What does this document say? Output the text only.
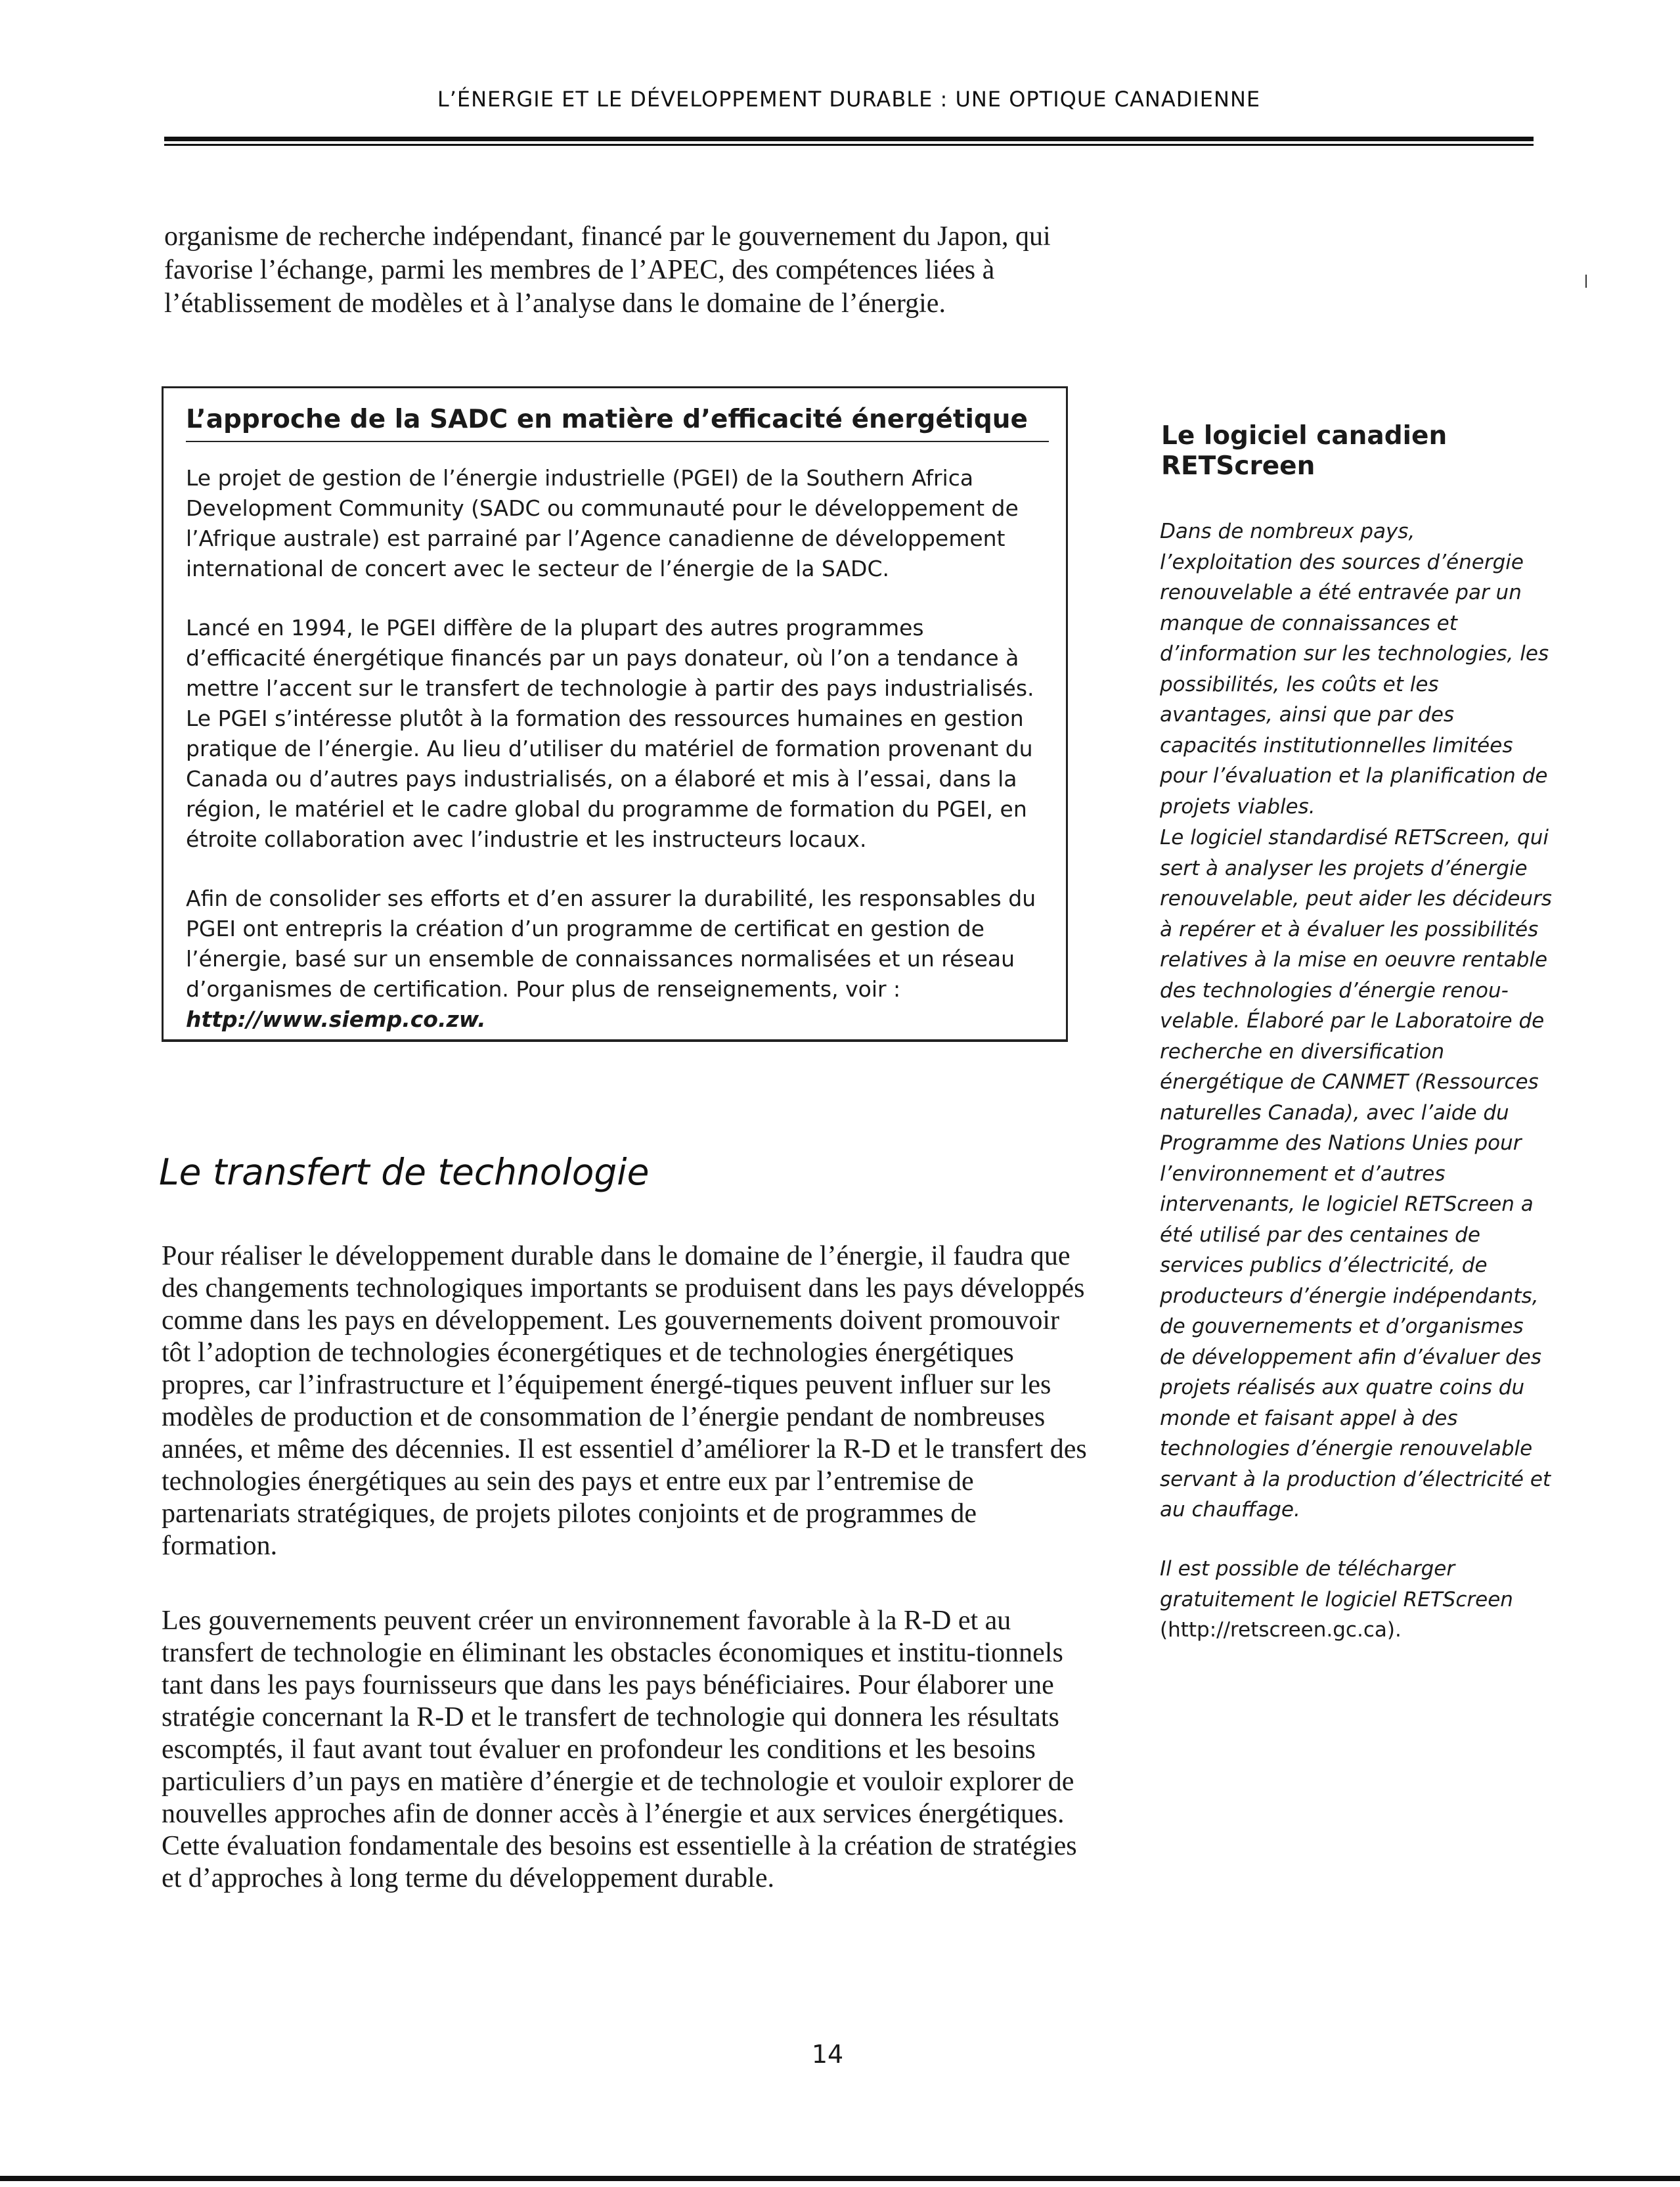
L’ÉNERGIE ET LE DÉVELOPPEMENT DURABLE : UNE OPTIQUE CANADIENNE

organisme de recherche indépendant, financé par le gouvernement du Japon, qui favorise l’échange, parmi les membres de l’APEC, des compétences liées à l’établissement de modèles et à l’analyse dans le domaine de l’énergie.

L’approche de la SADC en matière d’efficacité énergétique

Le projet de gestion de l’énergie industrielle (PGEI) de la Southern Africa Development Community (SADC ou communauté pour le développement de l’Afrique australe) est parrainé par l’Agence canadienne de développement international de concert avec le secteur de l’énergie de la SADC.

Lancé en 1994, le PGEI diffère de la plupart des autres programmes d’efficacité énergétique financés par un pays donateur, où l’on a tendance à mettre l’accent sur le transfert de technologie à partir des pays industrialisés. Le PGEI s’intéresse plutôt à la formation des ressources humaines en gestion pratique de l’énergie. Au lieu d’utiliser du matériel de formation provenant du Canada ou d’autres pays industrialisés, on a élaboré et mis à l’essai, dans la région, le matériel et le cadre global du programme de formation du PGEI, en étroite collaboration avec l’industrie et les instructeurs locaux.

Afin de consolider ses efforts et d’en assurer la durabilité, les responsables du PGEI ont entrepris la création d’un programme de certificat en gestion de l’énergie, basé sur un ensemble de connaissances normalisées et un réseau d’organismes de certification. Pour plus de renseignements, voir :
http://www.siemp.co.zw.

Le transfert de technologie

Pour réaliser le développement durable dans le domaine de l’énergie, il faudra que des changements technologiques importants se produisent dans les pays développés comme dans les pays en développement. Les gouvernements doivent promouvoir tôt l’adoption de technologies éconergétiques et de technologies énergétiques propres, car l’infrastructure et l’équipement énergé-tiques peuvent influer sur les modèles de production et de consommation de l’énergie pendant de nombreuses années, et même des décennies. Il est essentiel d’améliorer la R-D et le transfert des technologies énergétiques au sein des pays et entre eux par l’entremise de partenariats stratégiques, de projets pilotes conjoints et de programmes de formation.

Les gouvernements peuvent créer un environnement favorable à la R-D et au transfert de technologie en éliminant les obstacles économiques et institu-tionnels tant dans les pays fournisseurs que dans les pays bénéficiaires. Pour élaborer une stratégie concernant la R-D et le transfert de technologie qui donnera les résultats escomptés, il faut avant tout évaluer en profondeur les conditions et les besoins particuliers d’un pays en matière d’énergie et de technologie et vouloir explorer de nouvelles approches afin de donner accès à l’énergie et aux services énergétiques. Cette évaluation fondamentale des besoins est essentielle à la création de stratégies et d’approches à long terme du développement durable.

Le logiciel canadien RETScreen

Dans de nombreux pays, l’exploitation des sources d’énergie renouvelable a été entravée par un manque de connaissances et d’information sur les technologies, les possibilités, les coûts et les avantages, ainsi que par des capacités institutionnelles limitées pour l’évaluation et la planification de projets viables.

Le logiciel standardisé RETScreen, qui sert à analyser les projets d’énergie renouvelable, peut aider les décideurs à repérer et à évaluer les possibilités relatives à la mise en oeuvre rentable des technologies d’énergie renou-velable. Élaboré par le Laboratoire de recherche en diversification énergétique de CANMET (Ressources naturelles Canada), avec l’aide du Programme des Nations Unies pour l’environnement et d’autres intervenants, le logiciel RETScreen a été utilisé par des centaines de services publics d’électricité, de producteurs d’énergie indépendants, de gouvernements et d’organismes de développement afin d’évaluer des projets réalisés aux quatre coins du monde et faisant appel à des technologies d’énergie renouvelable servant à la production d’électricité et au chauffage.

Il est possible de télécharger gratuitement le logiciel RETScreen (http://retscreen.gc.ca).

14
